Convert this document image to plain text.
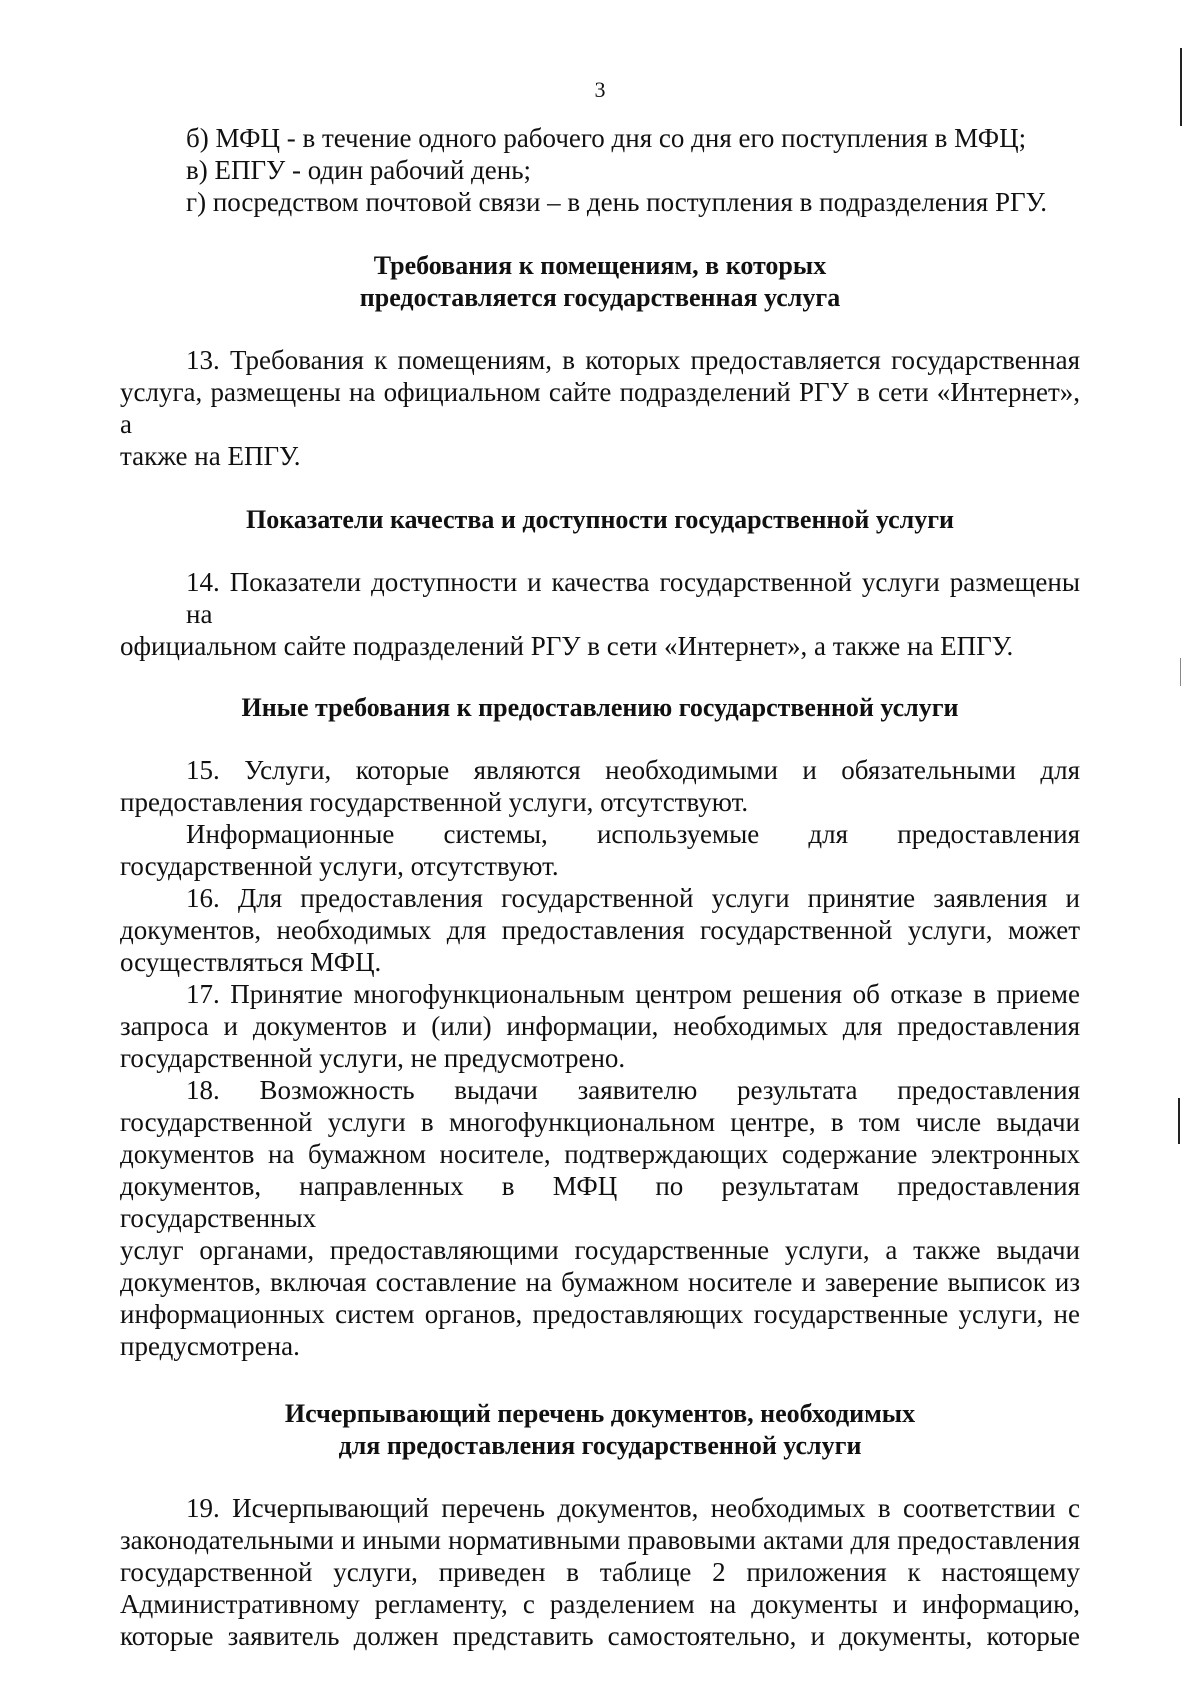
3
б) МФЦ - в течение одного рабочего дня со дня его поступления в МФЦ;
в) ЕПГУ - один рабочий день;
г) посредством почтовой связи – в день поступления в подразделения РГУ.
Требования к помещениям, в которых
предоставляется государственная услуга
13. Требования к помещениям, в которых предоставляется государственная
услуга, размещены на официальном сайте подразделений РГУ в сети «Интернет», а
также на ЕПГУ.
Показатели качества и доступности государственной услуги
14. Показатели доступности и качества государственной услуги размещены на
официальном сайте подразделений РГУ в сети «Интернет», а также на ЕПГУ.
Иные требования к предоставлению государственной услуги
15. Услуги, которые являются необходимыми и обязательными для
предоставления государственной услуги, отсутствуют.
Информационные системы, используемые для предоставления
государственной услуги, отсутствуют.
16. Для предоставления государственной услуги принятие заявления и
документов, необходимых для предоставления государственной услуги, может
осуществляться МФЦ.
17. Принятие многофункциональным центром решения об отказе в приеме
запроса и документов и (или) информации, необходимых для предоставления
государственной услуги, не предусмотрено.
18. Возможность выдачи заявителю результата предоставления
государственной услуги в многофункциональном центре, в том числе выдачи
документов на бумажном носителе, подтверждающих содержание электронных
документов, направленных в МФЦ по результатам предоставления государственных
услуг органами, предоставляющими государственные услуги, а также выдачи
документов, включая составление на бумажном носителе и заверение выписок из
информационных систем органов, предоставляющих государственные услуги, не
предусмотрена.
Исчерпывающий перечень документов, необходимых
для предоставления государственной услуги
19. Исчерпывающий перечень документов, необходимых в соответствии с
законодательными и иными нормативными правовыми актами для предоставления
государственной услуги, приведен в таблице 2 приложения к настоящему
Административному регламенту, с разделением на документы и информацию,
которые заявитель должен представить самостоятельно, и документы, которые
